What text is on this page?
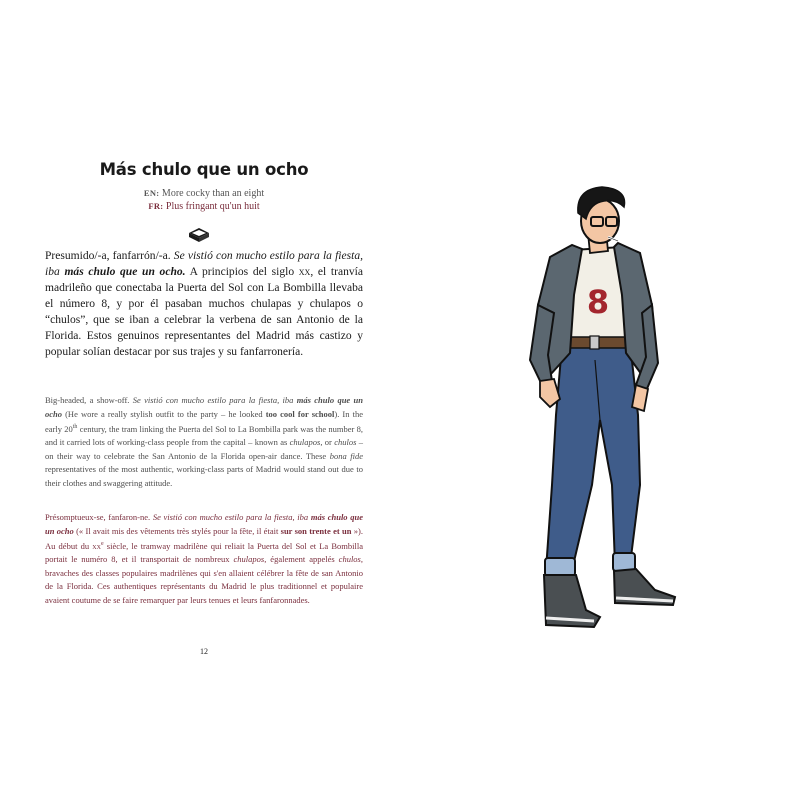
Más chulo que un ocho
EN: More cocky than an eight
FR: Plus fringant qu'un huit
Presumido/-a, fanfarrón/-a. Se vistió con mucho estilo para la fiesta, iba más chulo que un ocho. A principios del siglo xx, el tranvía madrileño que conectaba la Puerta del Sol con La Bombilla llevaba el número 8, y por él pasaban muchos chulapas y chulapos o “chulos”, que se iban a celebrar la verbena de san Antonio de la Florida. Estos genuinos representantes del Madrid más castizo y popular solían destacar por sus trajes y su fanfarronería.
Big-headed, a show-off. Se vistió con mucho estilo para la fiesta, iba más chulo que un ocho (He wore a really stylish outfit to the party – he looked too cool for school). In the early 20th century, the tram linking the Puerta del Sol to La Bombilla park was the number 8, and it carried lots of working-class people from the capital – known as chulapos, or chulos – on their way to celebrate the San Antonio de la Florida open-air dance. These bona fide representatives of the most authentic, working-class parts of Madrid would stand out due to their clothes and swaggering attitude.
Présomptueux-se, fanfaron-ne. Se vistió con mucho estilo para la fiesta, iba más chulo que un ocho (« Il avait mis des vêtements très stylés pour la fête, il était sur son trente et un »). Au début du $xx^e$ siècle, le tramway madrilène qui reliait la Puerta del Sol et La Bombilla portait le numéro 8, et il transportait de nombreux chulapos, également appelés chulos, bravaches des classes populaires madrilènes qui s'en allaient célébrer la fête de san Antonio de la Florida. Ces authentiques représentants du Madrid le plus traditionnel et populaire avaient coutume de se faire remarquer par leurs tenues et leurs fanfaronnades.
12
8
